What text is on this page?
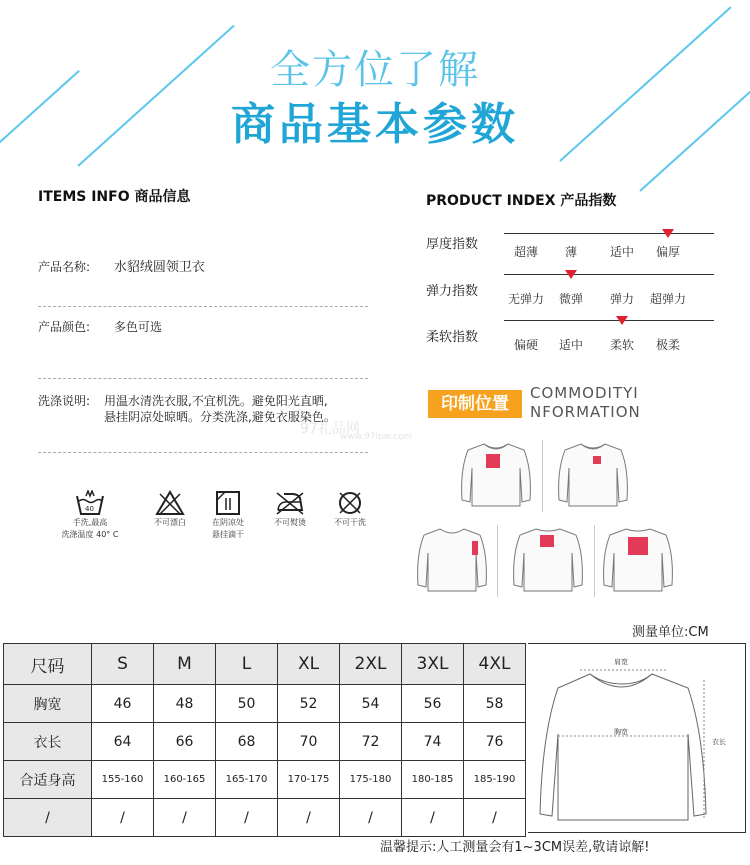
全方位了解
商品基本参数
ITEMS INFO 商品信息
产品名称: 水貂绒圆领卫衣
产品颜色: 多色可选
洗涤说明: 用温水清洗衣服,不宜机洗。避免阳光直晒,
悬挂阴凉处晾晒。分类洗涤,避免衣服染色。
40
手洗,最高
洗涤温度 40° C
不可漂白	在阴凉处
悬挂滴干
不可熨烫	不可干洗
PRODUCT INDEX 产品指数
厚度指数	超薄 薄	适中 偏厚
弹力指数 无弹力 微弹 弹力 超弹力
柔软指数	偏硬 适中 柔软 极柔
印制位置
COMMODITYI
NFORMATION
97礼品网
www.97lpw.com
测量单位:CM
尺码	S	M	L	XL	2XL	3XL	4XL
胸宽	46	48	50	52	54	56	58
衣长	64	66	68	70	72	74	76
合适身高	155-160	160-165	165-170	170-175	175-180	180-185	185-190
/	/	/	/	/	/	/	/
肩宽
胸宽
衣长
温馨提示:人工测量会有1~3CM误差,敬请谅解!
